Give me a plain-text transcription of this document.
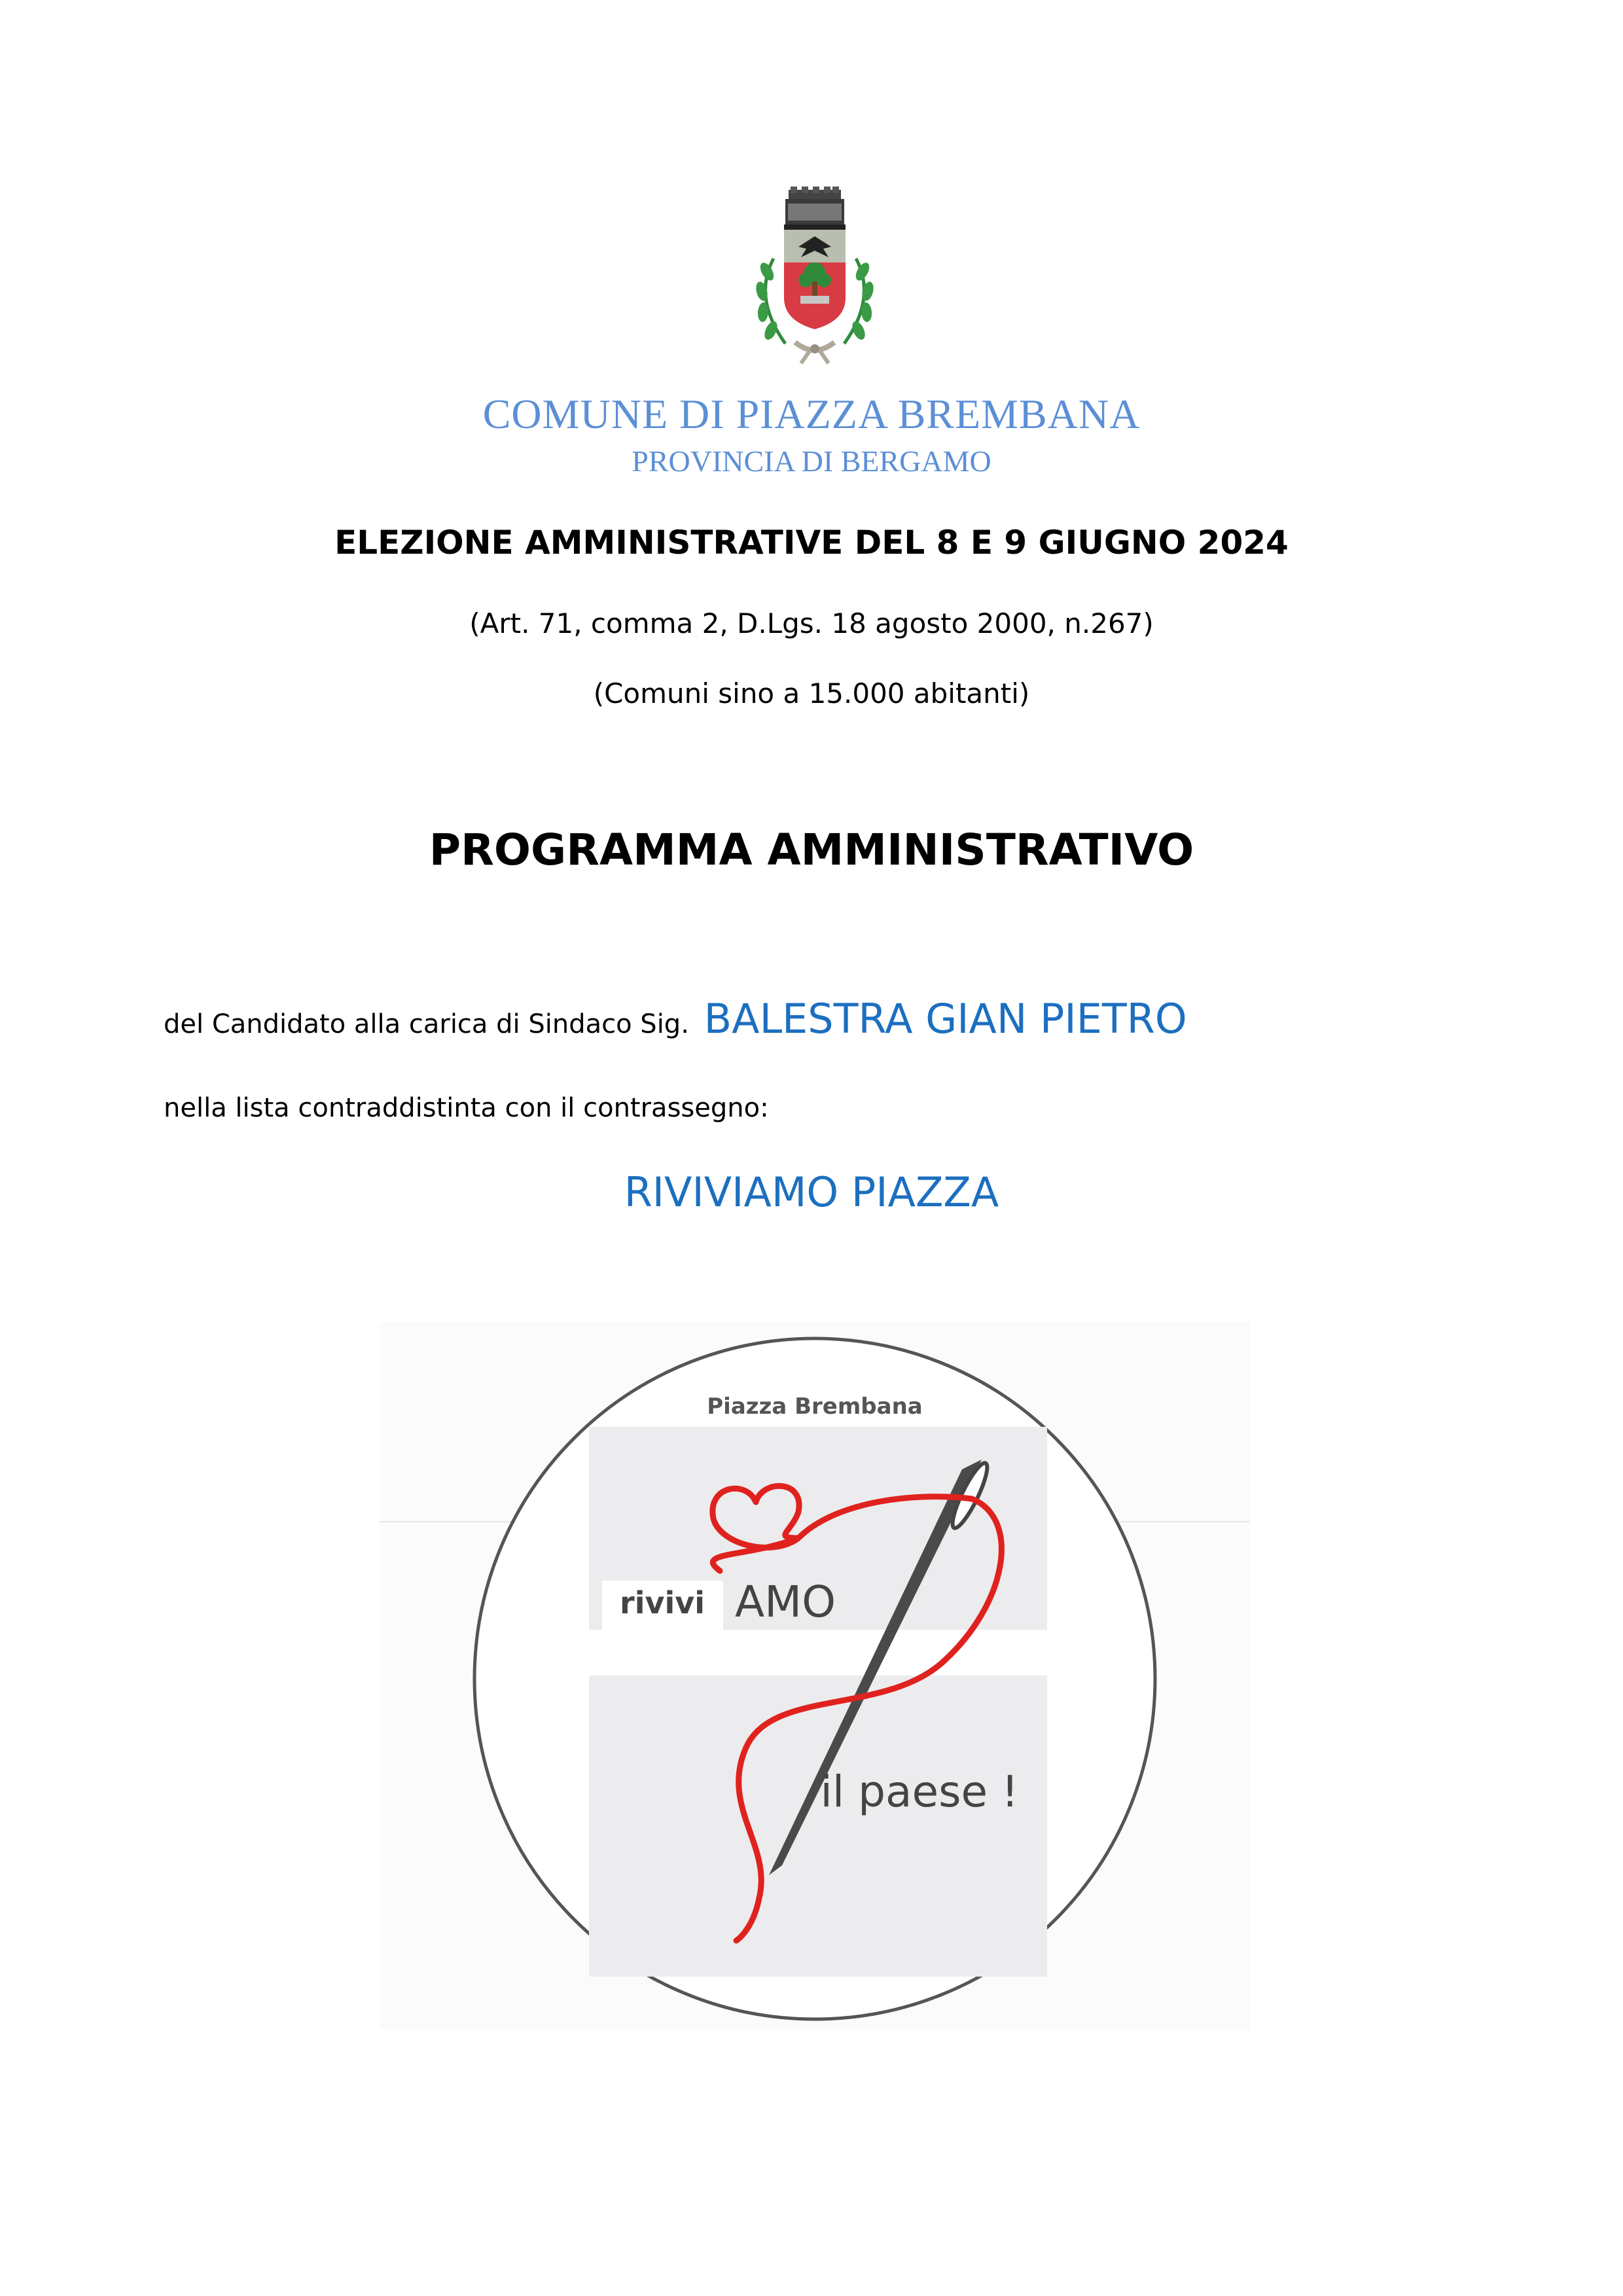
COMUNE DI PIAZZA BREMBANA
PROVINCIA DI BERGAMO
ELEZIONE AMMINISTRATIVE DEL 8 E 9 GIUGNO 2024
(Art. 71, comma 2, D.Lgs. 18 agosto 2000, n.267)
(Comuni sino a 15.000 abitanti)
PROGRAMMA AMMINISTRATIVO
del Candidato alla carica di Sindaco Sig. BALESTRA GIAN PIETRO
nella lista contraddistinta con il contrassegno:
RIVIVIAMO PIAZZA
Piazza Brembana
rivivi AMO
il paese !
